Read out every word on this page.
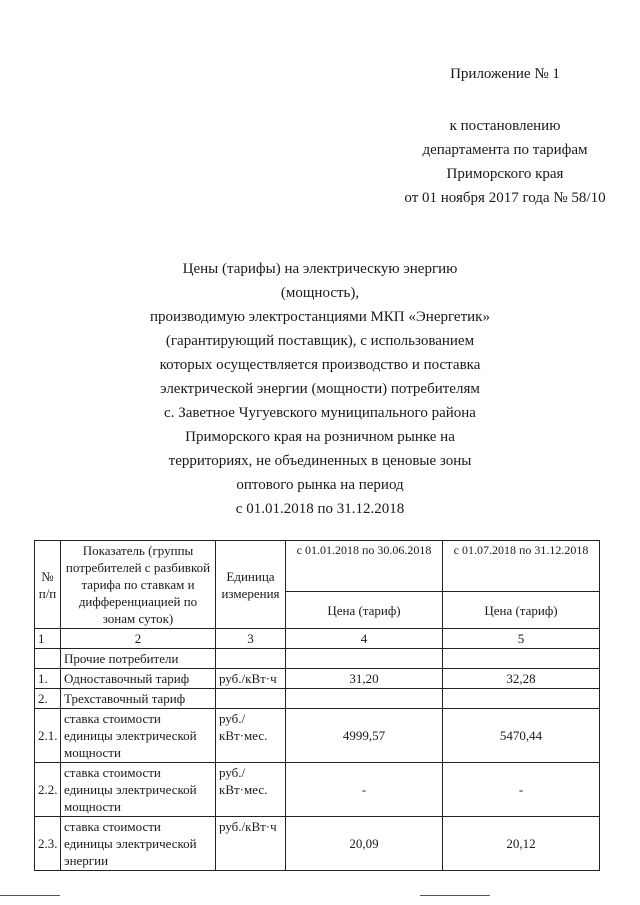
Приложение № 1
к постановлению
департамента по тарифам
Приморского края
от 01 ноября 2017 года № 58/10
Цены (тарифы) на электрическую энергию (мощность),
производимую электростанциями МКП «Энергетик»
(гарантирующий поставщик), с использованием
которых осуществляется производство и поставка
электрической энергии (мощности) потребителям
с. Заветное Чугуевского муниципального района
Приморского края на розничном рынке на
территориях, не объединенных в ценовые зоны
оптового рынка на период
с 01.01.2018 по 31.12.2018
№ п/п	Показатель (группы потребителей с разбивкой тарифа по ставкам и дифференциацией по зонам суток)	Единица измерения	с 01.01.2018 по 30.06.2018	с 01.07.2018 по 31.12.2018
			Цена (тариф)	Цена (тариф)
1	2	3	4	5
	Прочие потребители			
1.	Одноставочный тариф	руб./кВт·ч	31,20	32,28
2.	Трехставочный тариф			
2.1.	ставка стоимости единицы электрической мощности	руб./кВт·мес.	4999,57	5470,44
2.2.	ставка стоимости единицы электрической мощности	руб./кВт·мес.	-	-
2.3.	ставка стоимости единицы электрической энергии	руб./кВт·ч	20,09	20,12
